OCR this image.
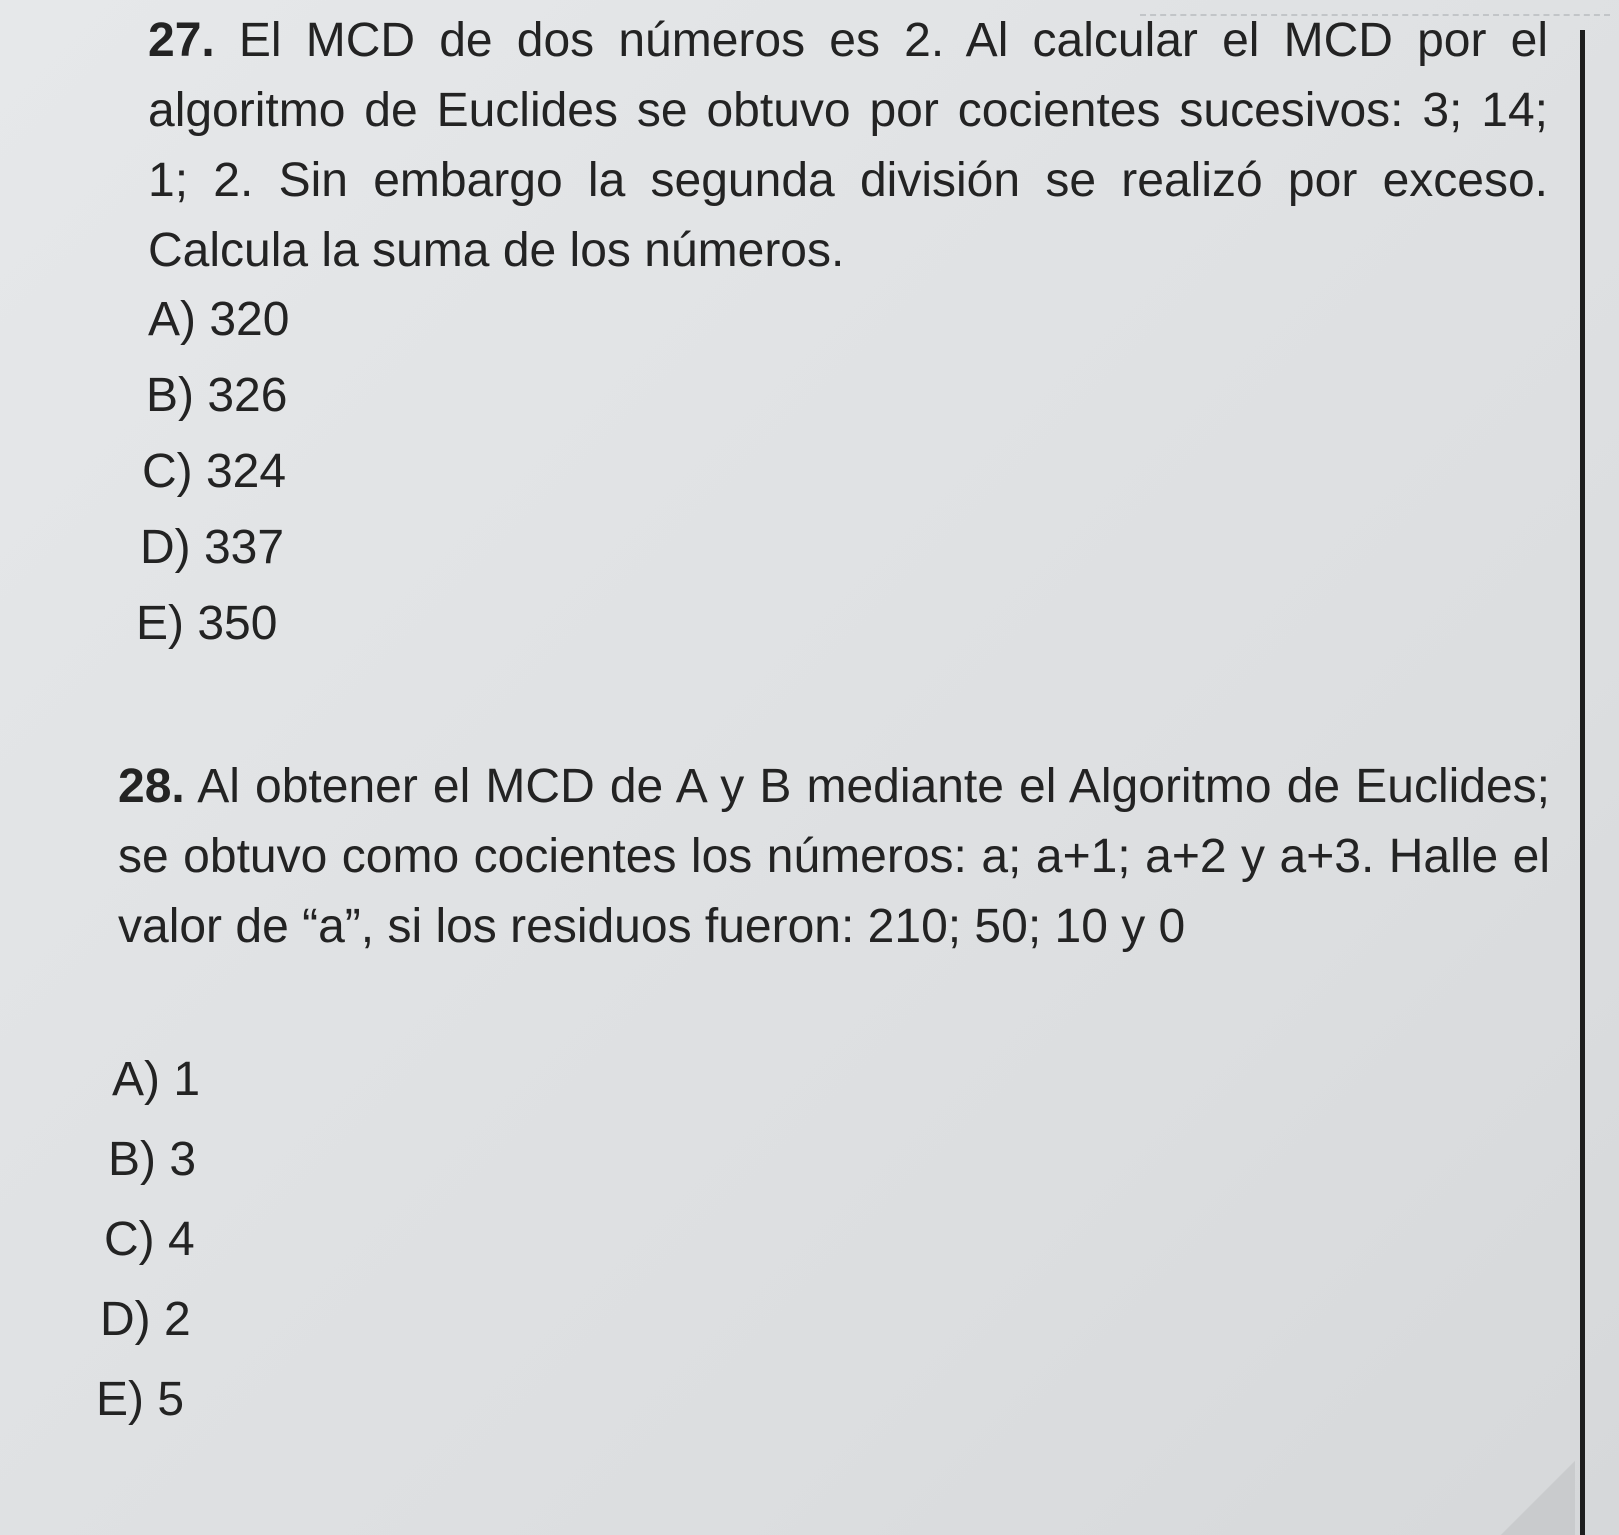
27. El MCD de dos números es 2. Al calcular el MCD por el algoritmo de Euclides se obtuvo por cocientes sucesivos: 3; 14; 1; 2. Sin embargo la segunda división se realizó por exceso. Calcula la suma de los números.

A) 320
B) 326
C) 324
D) 337
E) 350

28. Al obtener el MCD de A y B mediante el Algoritmo de Euclides; se obtuvo como cocientes los números: a; a+1; a+2 y a+3. Halle el valor de “a”, si los residuos fueron: 210; 50; 10 y 0

A) 1
B) 3
C) 4
D) 2
E) 5
